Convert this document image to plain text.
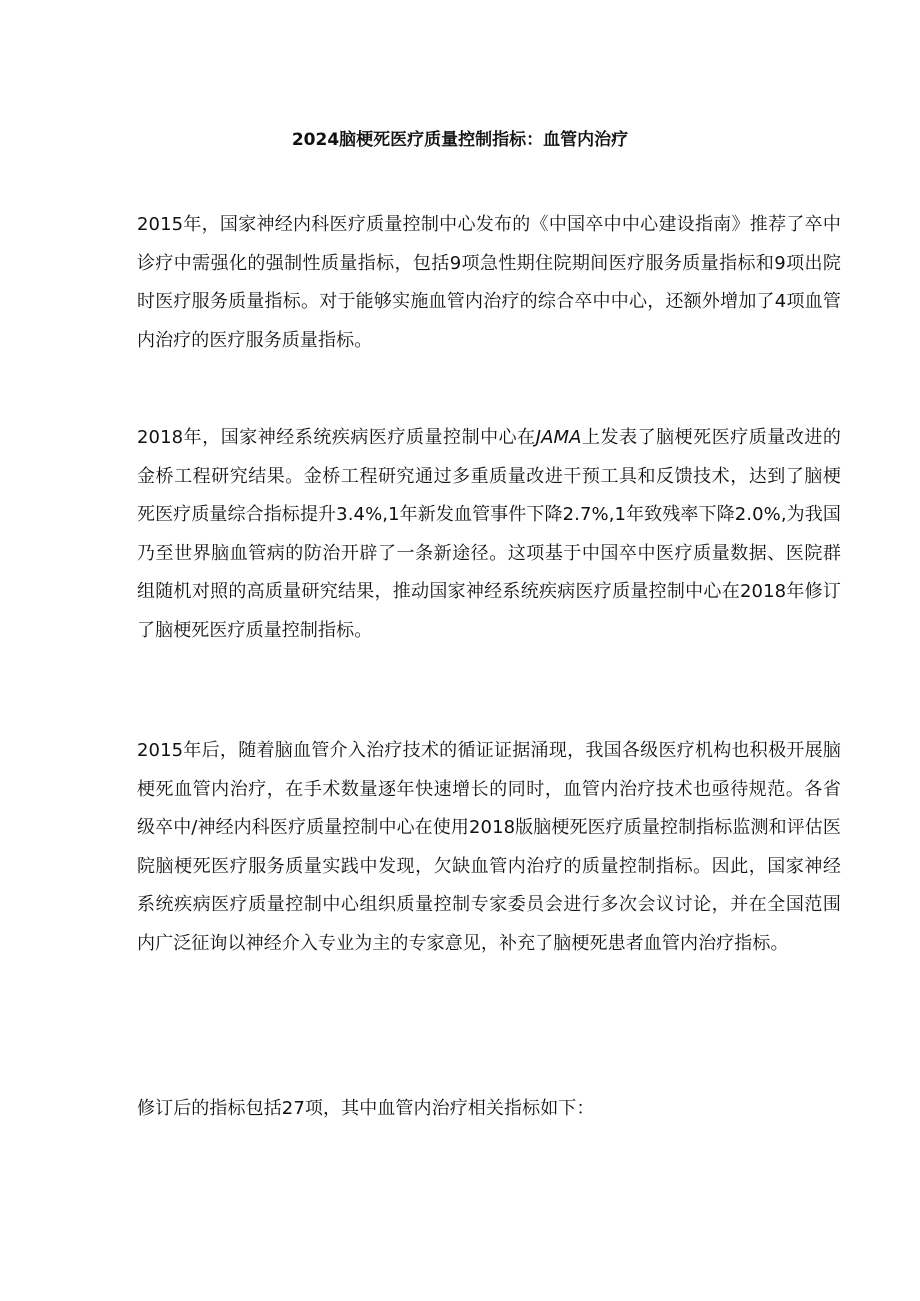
2024脑梗死医疗质量控制指标：血管内治疗

2015年，国家神经内科医疗质量控制中心发布的《中国卒中中心建设指南》推荐了卒中诊疗中需强化的强制性质量指标，包括9项急性期住院期间医疗服务质量指标和9项出院时医疗服务质量指标。对于能够实施血管内治疗的综合卒中中心，还额外增加了4项血管内治疗的医疗服务质量指标。

2018年，国家神经系统疾病医疗质量控制中心在JAMA上发表了脑梗死医疗质量改进的金桥工程研究结果。金桥工程研究通过多重质量改进干预工具和反馈技术，达到了脑梗死医疗质量综合指标提升3.4%,1年新发血管事件下降2.7%,1年致残率下降2.0%,为我国乃至世界脑血管病的防治开辟了一条新途径。这项基于中国卒中医疗质量数据、医院群组随机对照的高质量研究结果，推动国家神经系统疾病医疗质量控制中心在2018年修订了脑梗死医疗质量控制指标。

2015年后，随着脑血管介入治疗技术的循证证据涌现，我国各级医疗机构也积极开展脑梗死血管内治疗，在手术数量逐年快速增长的同时，血管内治疗技术也亟待规范。各省级卒中/神经内科医疗质量控制中心在使用2018版脑梗死医疗质量控制指标监测和评估医院脑梗死医疗服务质量实践中发现，欠缺血管内治疗的质量控制指标。因此，国家神经系统疾病医疗质量控制中心组织质量控制专家委员会进行多次会议讨论，并在全国范围内广泛征询以神经介入专业为主的专家意见，补充了脑梗死患者血管内治疗指标。

修订后的指标包括27项，其中血管内治疗相关指标如下：
